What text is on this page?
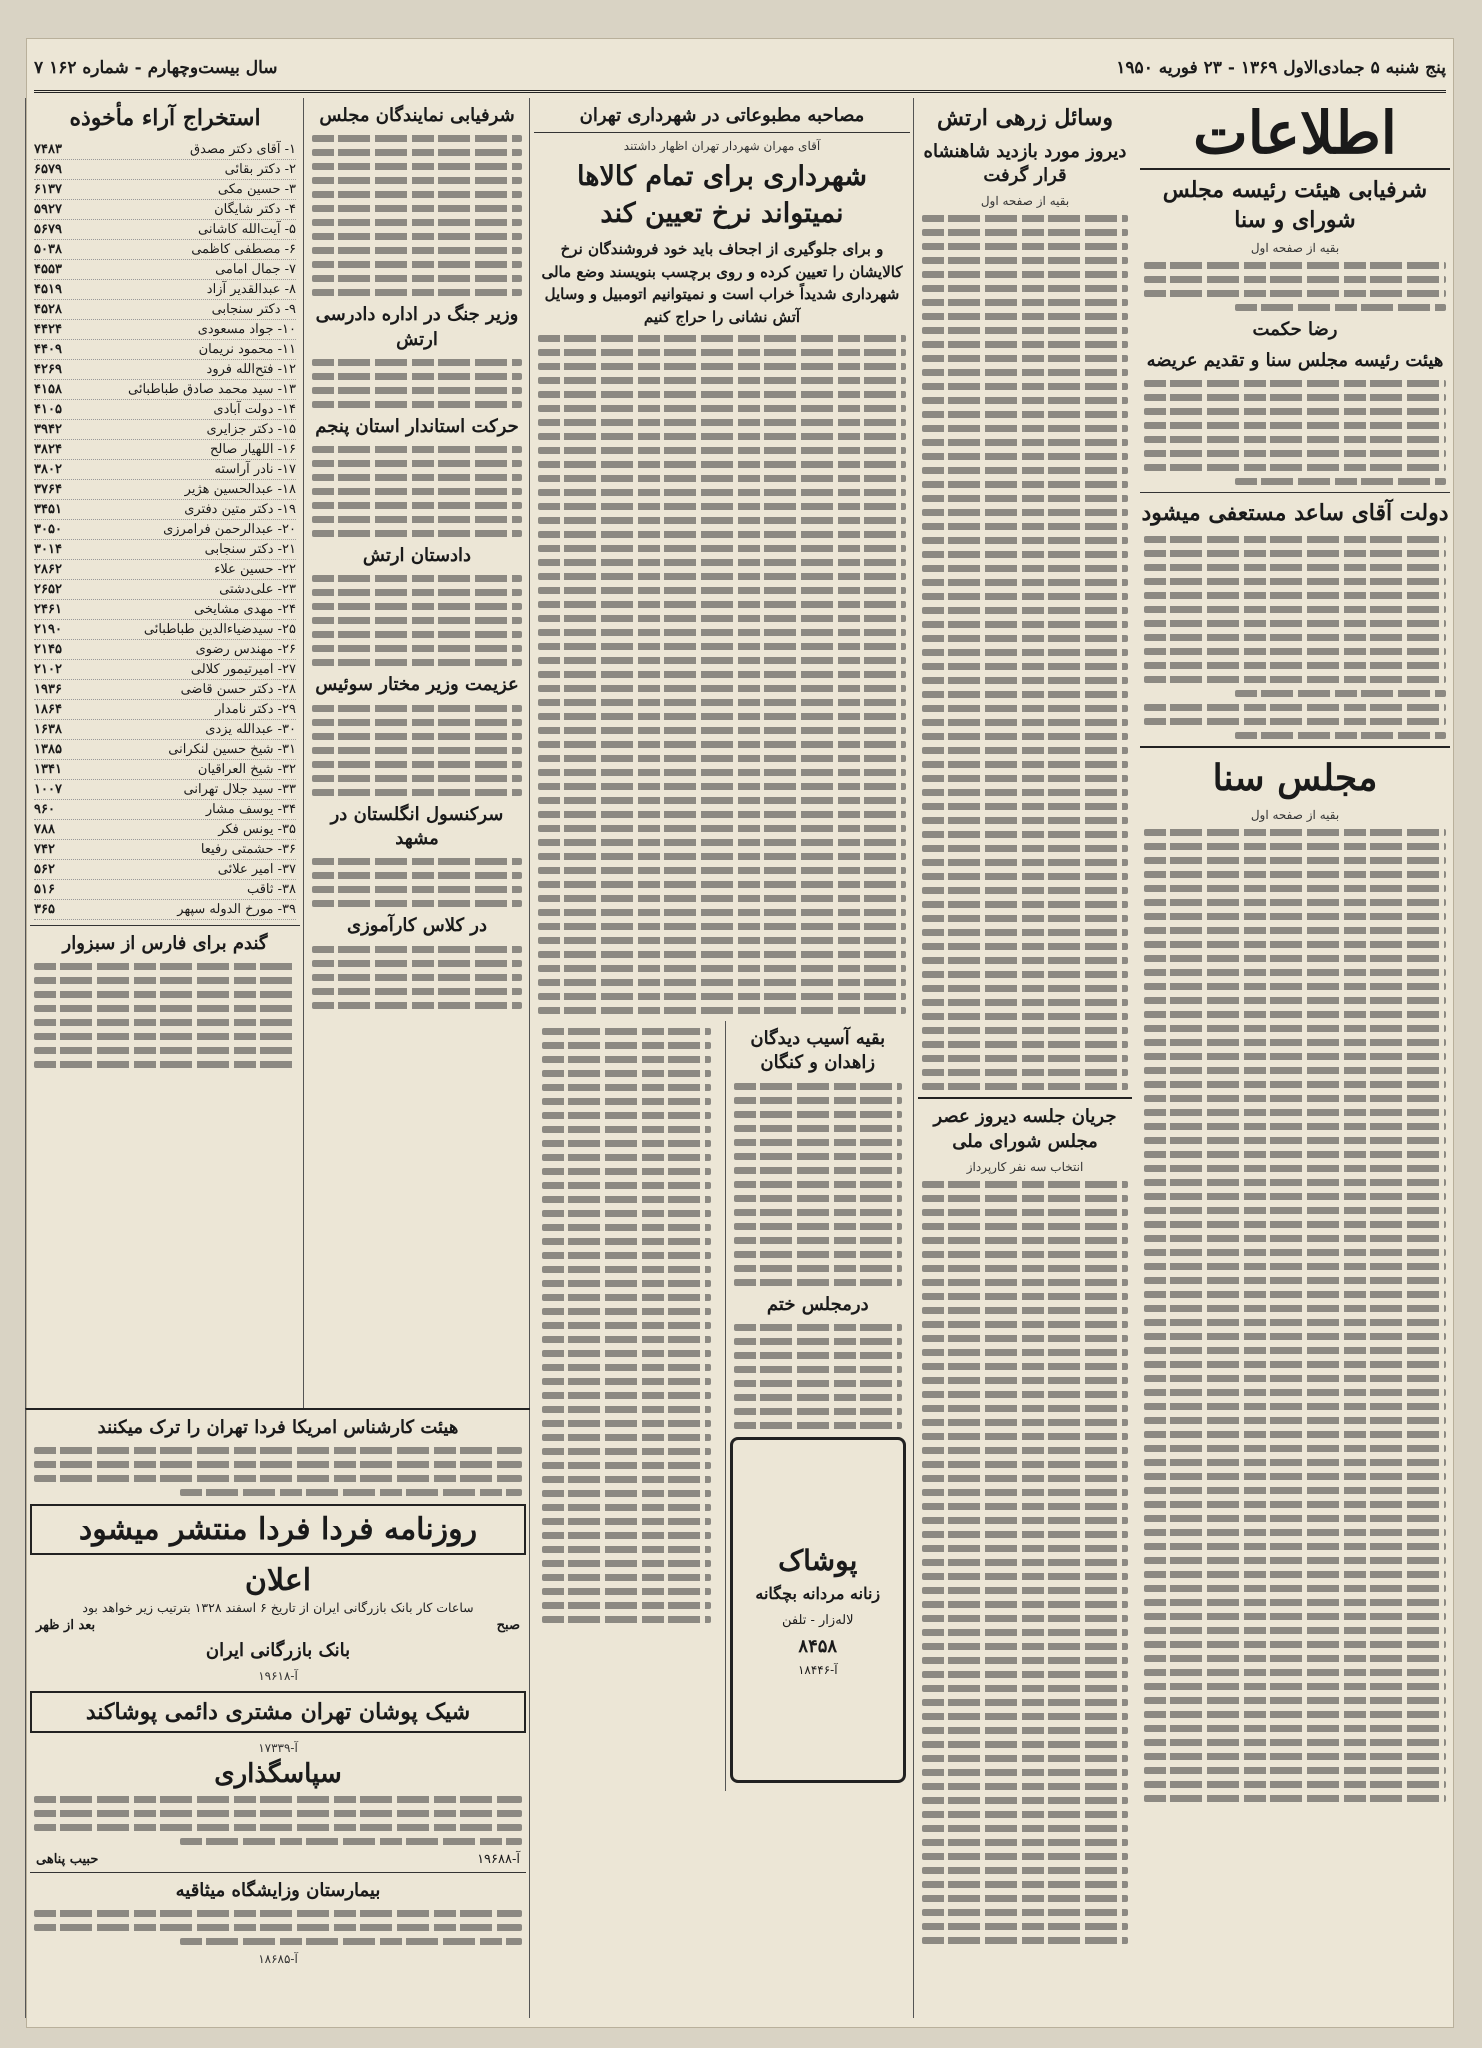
پنج شنبه ۵ جمادی‌الاول ۱۳۶۹ - ۲۳ فوریه ۱۹۵۰
سال بیست‌وچهارم - شماره ۱۶۲ ۷
اطلاعات
شرفیابی هیئت رئیسه مجلس شورای و سنا
بقیه از صفحه اول
رضا حکمت
هیئت رئیسه مجلس سنا و تقدیم عریضه
دولت آقای ساعد مستعفی میشود
مجلس سنا
بقیه از صفحه اول
وسائل زرهی ارتش
دیروز مورد بازدید شاهنشاه قرار گرفت
بقیه از صفحه اول
جریان جلسه دیروز عصر مجلس شورای ملی
انتخاب سه نفر کارپرداز
مصاحبه مطبوعاتی در شهرداری تهران
آقای مهران شهردار تهران اظهار داشتند
شهرداری برای تمام کالاها نمیتواند نرخ تعیین کند
و برای جلوگیری از اجحاف باید خود فروشندگان نرخ کالایشان را تعیین کرده و روی برچسب بنویسند وضع مالی شهرداری شدیداً خراب است و نمیتوانیم اتومبیل و وسایل آتش نشانی را حراج کنیم
بقیه آسیب دیدگان زاهدان و کنگان
درمجلس ختم
پوشاک
زنانه مردانه بچگانه
لاله‌زار - تلفن
۸۴۵۸
آ-۱۸۴۴۶
شرفیابی نمایندگان مجلس
وزیر جنگ در اداره دادرسی ارتش
حرکت استاندار استان پنجم
دادستان ارتش
عزیمت وزیر مختار سوئیس
سرکنسول انگلستان در مشهد
در کلاس کارآموزی
استخراج آراء مأخوذه
۱- آقای دکتر مصدق
۷۴۸۳
۲- دکتر بقائی
۶۵۷۹
۳- حسین مکی
۶۱۳۷
۴- دکتر شایگان
۵۹۲۷
۵- آیت‌الله کاشانی
۵۶۷۹
۶- مصطفی کاظمی
۵۰۳۸
۷- جمال امامی
۴۵۵۳
۸- عبدالقدیر آزاد
۴۵۱۹
۹- دکتر سنجابی
۴۵۲۸
۱۰- جواد مسعودی
۴۴۲۴
۱۱- محمود نریمان
۴۴۰۹
۱۲- فتح‌الله فرود
۴۲۶۹
۱۳- سید محمد صادق طباطبائی
۴۱۵۸
۱۴- دولت آبادی
۴۱۰۵
۱۵- دکتر جزایری
۳۹۴۲
۱۶- اللهیار صالح
۳۸۲۴
۱۷- نادر آراسته
۳۸۰۲
۱۸- عبدالحسین هژیر
۳۷۶۴
۱۹- دکتر متین دفتری
۳۴۵۱
۲۰- عبدالرحمن فرامرزی
۳۰۵۰
۲۱- دکتر سنجابی
۳۰۱۴
۲۲- حسین علاء
۲۸۶۲
۲۳- علی‌دشتی
۲۶۵۲
۲۴- مهدی مشایخی
۲۴۶۱
۲۵- سیدضیاءالدین طباطبائی
۲۱۹۰
۲۶- مهندس رضوی
۲۱۴۵
۲۷- امیرتیمور کلالی
۲۱۰۲
۲۸- دکتر حسن قاضی
۱۹۳۶
۲۹- دکتر نامدار
۱۸۶۴
۳۰- عبدالله یزدی
۱۶۳۸
۳۱- شیخ حسین لنکرانی
۱۳۸۵
۳۲- شیخ العراقیان
۱۳۴۱
۳۳- سید جلال تهرانی
۱۰۰۷
۳۴- یوسف مشار
۹۶۰
۳۵- یونس فکر
۷۸۸
۳۶- حشمتی رفیعا
۷۴۲
۳۷- امیر علائی
۵۶۲
۳۸- ثاقب
۵۱۶
۳۹- مورخ الدوله سپهر
۳۶۵
گندم برای فارس از سبزوار
هیئت کارشناس امریکا فردا تهران را ترک میکنند
روزنامه فردا فردا منتشر میشود
اعلان
ساعات کار بانک بازرگانی ایران از تاریخ ۶ اسفند ۱۳۲۸ بترتیب زیر خواهد بود
صبح
بعد از ظهر
بانک بازرگانی ایران
آ-۱۹۶۱۸
شیک پوشان تهران مشتری دائمی پوشاکند
آ-۱۷۳۳۹
سپاسگذاری
آ-۱۹۶۸۸
حبیب پناهی
بیمارستان وزایشگاه میثاقیه
آ-۱۸۶۸۵
